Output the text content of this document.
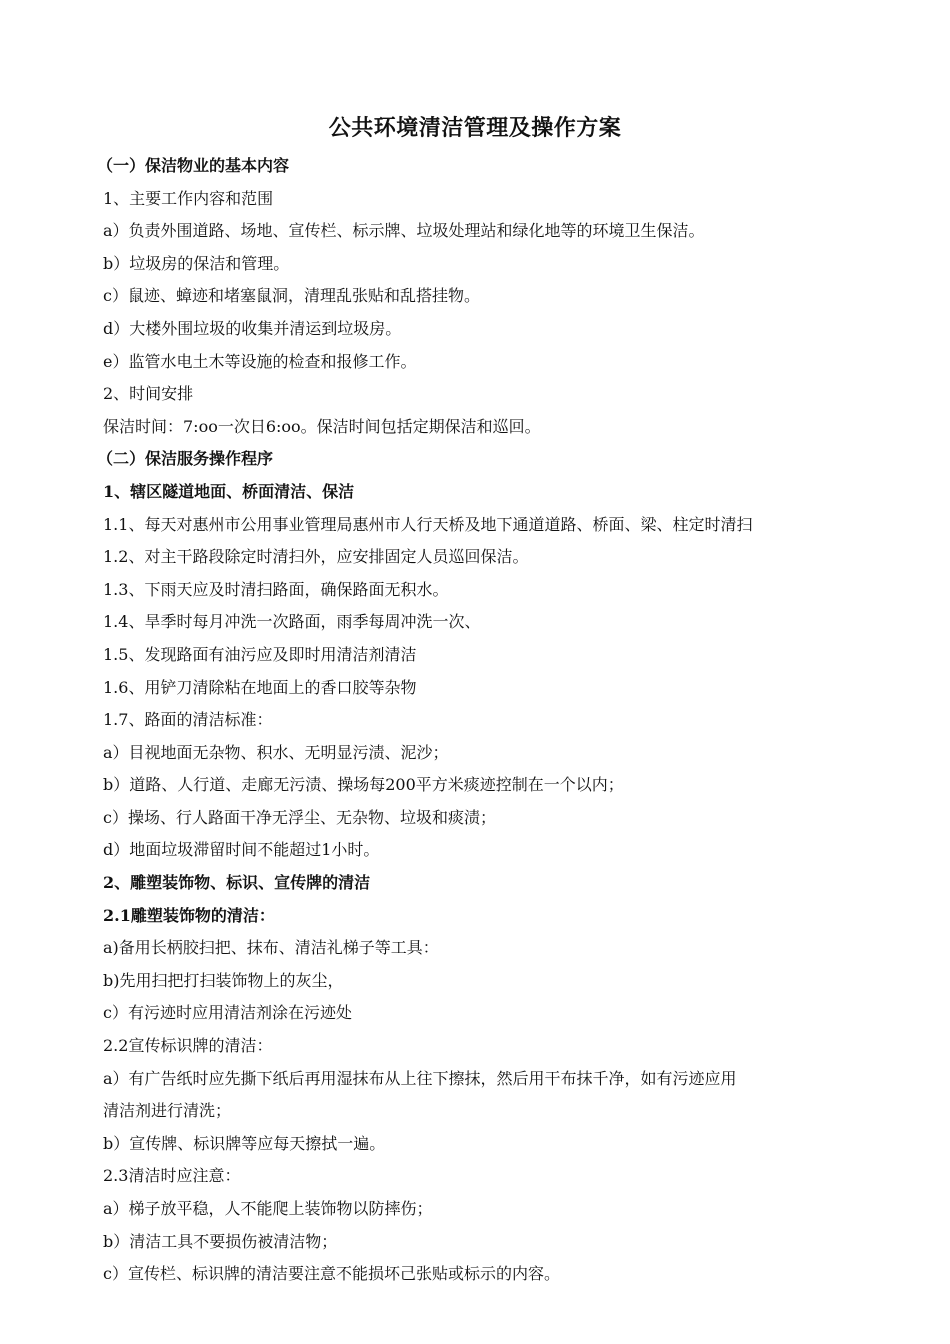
公共环境清洁管理及操作方案
（一）保洁物业的基本内容
1、主要工作内容和范围
a）负责外围道路、场地、宣传栏、标示牌、垃圾处理站和绿化地等的环境卫生保洁。
b）垃圾房的保洁和管理。
c）鼠迹、蟑迹和堵塞鼠洞，清理乱张贴和乱搭挂物。
d）大楼外围垃圾的收集并清运到垃圾房。
e）监管水电土木等设施的检查和报修工作。
2、时间安排
保洁时间：7:oo一次日6:oo。保洁时间包括定期保洁和巡回。
（二）保洁服务操作程序
1、辖区隧道地面、桥面清洁、保洁
1.1、每天对惠州市公用事业管理局惠州市人行天桥及地下通道道路、桥面、梁、柱定时清扫
1.2、对主干路段除定时清扫外，应安排固定人员巡回保洁。
1.3、下雨天应及时清扫路面，确保路面无积水。
1.4、旱季时每月冲洗一次路面，雨季每周冲洗一次、
1.5、发现路面有油污应及即时用清洁剂清洁
1.6、用铲刀清除粘在地面上的香口胶等杂物
1.7、路面的清洁标准：
a）目视地面无杂物、积水、无明显污渍、泥沙；
b）道路、人行道、走廊无污渍、操场每200平方米痰迹控制在一个以内；
c）操场、行人路面干净无浮尘、无杂物、垃圾和痰渍；
d）地面垃圾滞留时间不能超过1小时。
2、雕塑装饰物、标识、宣传牌的清洁
2.1雕塑装饰物的清洁：
a)备用长柄胶扫把、抹布、清洁礼梯子等工具：
b)先用扫把打扫装饰物上的灰尘，
c）有污迹时应用清洁剂涂在污迹处
2.2宣传标识牌的清洁：
a）有广告纸时应先撕下纸后再用湿抹布从上往下擦抹，然后用干布抹千净，如有污迹应用
清洁剂进行清洗；
b）宣传牌、标识牌等应每天擦拭一遍。
2.3清洁时应注意：
a）梯子放平稳，人不能爬上装饰物以防摔伤；
b）清洁工具不要损伤被清洁物；
c）宣传栏、标识牌的清洁要注意不能损坏己张贴或标示的内容。
